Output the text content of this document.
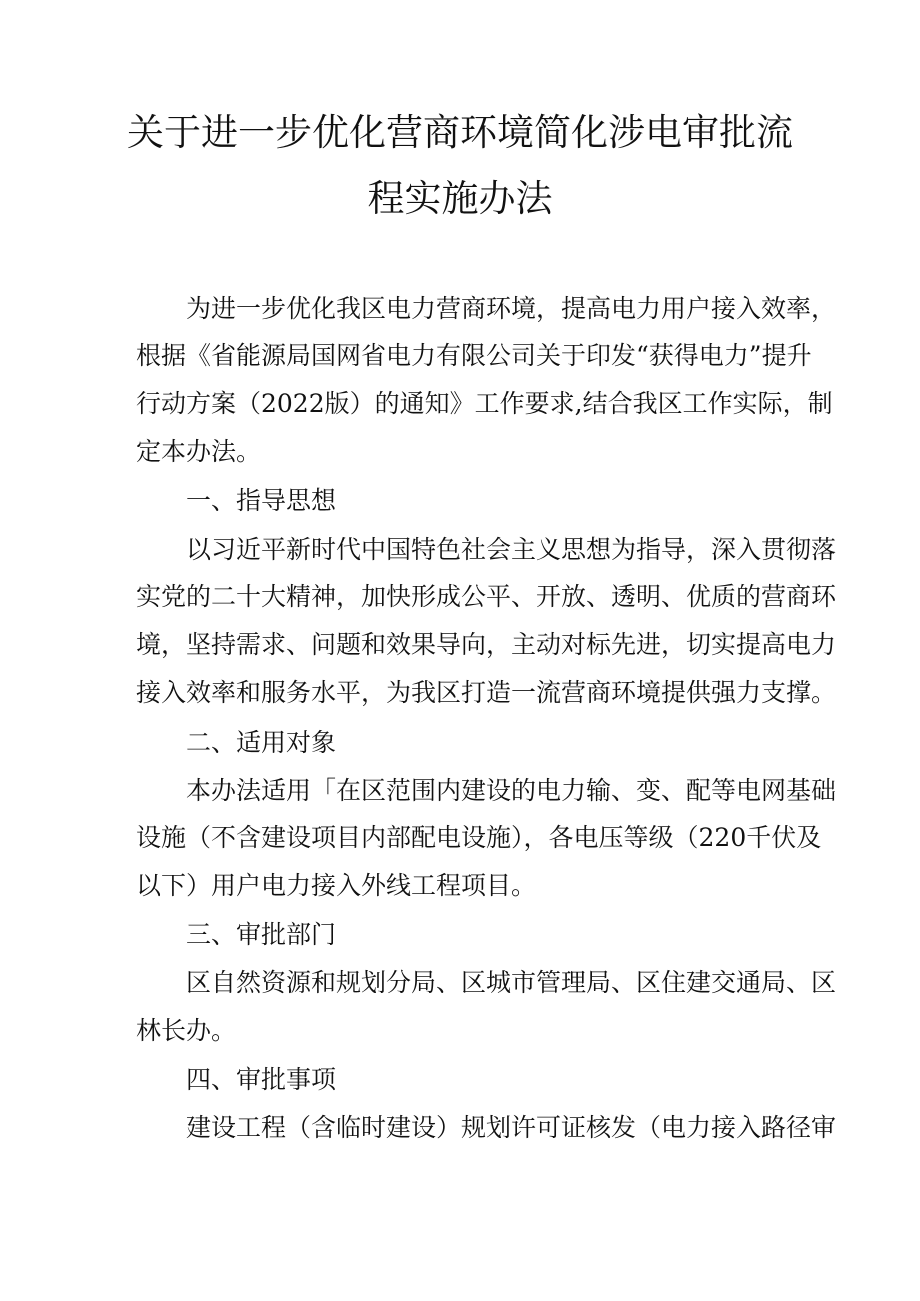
关于进一步优化营商环境简化涉电审批流
程实施办法
为进一步优化我区电力营商环境，提高电力用户接入效率，
根据《省能源局国网省电力有限公司关于印发“获得电力”提升
行动方案（2022版）的通知》工作要求,结合我区工作实际，制
定本办法。
一、指导思想
以习近平新时代中国特色社会主义思想为指导，深入贯彻落
实党的二十大精神，加快形成公平、开放、透明、优质的营商环
境，坚持需求、问题和效果导向，主动对标先进，切实提高电力
接入效率和服务水平，为我区打造一流营商环境提供强力支撑。
二、适用对象
本办法适用「在区范围内建设的电力输、变、配等电网基础
设施（不含建设项目内部配电设施），各电压等级（220千伏及
以下）用户电力接入外线工程项目。
三、审批部门
区自然资源和规划分局、区城市管理局、区住建交通局、区
林长办。
四、审批事项
建设工程（含临时建设）规划许可证核发（电力接入路径审
